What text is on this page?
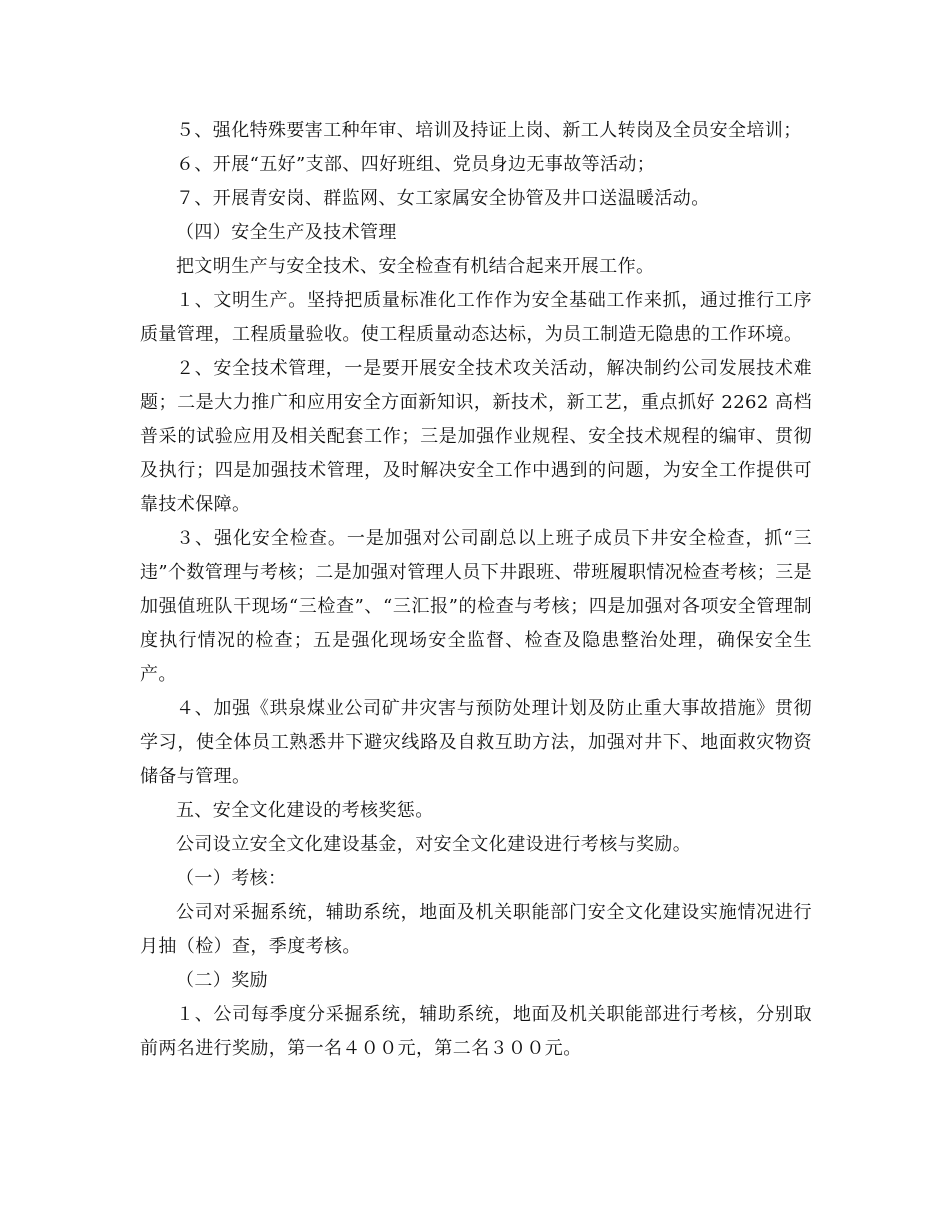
５、强化特殊要害工种年审、培训及持证上岗、新工人转岗及全员安全培训；

６、开展“五好”支部、四好班组、党员身边无事故等活动；

７、开展青安岗、群监网、女工家属安全协管及井口送温暖活动。

（四）安全生产及技术管理

把文明生产与安全技术、安全检查有机结合起来开展工作。

１、文明生产。坚持把质量标准化工作作为安全基础工作来抓，通过推行工序质量管理，工程质量验收。使工程质量动态达标，为员工制造无隐患的工作环境。

２、安全技术管理，一是要开展安全技术攻关活动，解决制约公司发展技术难题；二是大力推广和应用安全方面新知识，新技术，新工艺，重点抓好 2262 高档普采的试验应用及相关配套工作；三是加强作业规程、安全技术规程的编审、贯彻及执行；四是加强技术管理，及时解决安全工作中遇到的问题，为安全工作提供可靠技术保障。

３、强化安全检查。一是加强对公司副总以上班子成员下井安全检查，抓“三违”个数管理与考核；二是加强对管理人员下井跟班、带班履职情况检查考核；三是加强值班队干现场“三检查”、“三汇报”的检查与考核；四是加强对各项安全管理制度执行情况的检查；五是强化现场安全监督、检查及隐患整治处理，确保安全生产。

４、加强《珙泉煤业公司矿井灾害与预防处理计划及防止重大事故措施》贯彻学习，使全体员工熟悉井下避灾线路及自救互助方法，加强对井下、地面救灾物资储备与管理。

五、安全文化建设的考核奖惩。

公司设立安全文化建设基金，对安全文化建设进行考核与奖励。

（一）考核：

公司对采掘系统，辅助系统，地面及机关职能部门安全文化建设实施情况进行月抽（检）查，季度考核。

（二）奖励

１、公司每季度分采掘系统，辅助系统，地面及机关职能部进行考核，分别取前两名进行奖励，第一名４００元，第二名３００元。
